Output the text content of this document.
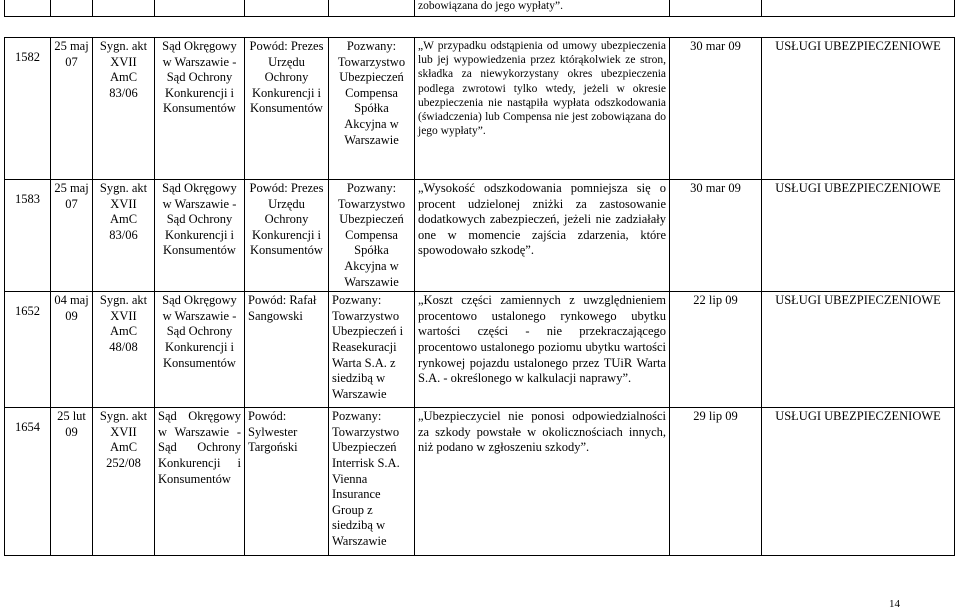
						zobowiązana do jego wypłaty”.		
1582	25 maj 07	Sygn. akt XVII AmC 83/06	Sąd Okręgowy w Warszawie - Sąd Ochrony Konkurencji i Konsumentów	Powód: Prezes Urzędu Ochrony Konkurencji i Konsumentów	Pozwany: Towarzystwo Ubezpieczeń Compensa Spółka Akcyjna w Warszawie	„W przypadku odstąpienia od umowy ubezpieczenia lub jej wypowiedzenia przez którąkolwiek ze stron, składka za niewykorzystany okres ubezpieczenia podlega zwrotowi tylko wtedy, jeżeli w okresie ubezpieczenia nie nastąpiła wypłata odszkodowania (świadczenia) lub Compensa nie jest zobowiązana do jego wypłaty”.	30 mar 09	USŁUGI UBEZPIECZENIOWE
1583	25 maj 07	Sygn. akt XVII AmC 83/06	Sąd Okręgowy w Warszawie - Sąd Ochrony Konkurencji i Konsumentów	Powód: Prezes Urzędu Ochrony Konkurencji i Konsumentów	Pozwany: Towarzystwo Ubezpieczeń Compensa Spółka Akcyjna w Warszawie	„Wysokość odszkodowania pomniejsza się o procent udzielonej zniżki za zastosowanie dodatkowych zabezpieczeń, jeżeli nie zadziałały one w momencie zajścia zdarzenia, które spowodowało szkodę”.	30 mar 09	USŁUGI UBEZPIECZENIOWE
1652	04 maj 09	Sygn. akt XVII AmC 48/08	Sąd Okręgowy w Warszawie - Sąd Ochrony Konkurencji i Konsumentów	Powód: Rafał Sangowski	Pozwany: Towarzystwo Ubezpieczeń i Reasekuracji Warta S.A. z siedzibą w Warszawie	„Koszt części zamiennych z uwzględnieniem procentowo ustalonego rynkowego ubytku wartości części - nie przekraczającego procentowo ustalonego poziomu ubytku wartości rynkowej pojazdu ustalonego przez TUiR Warta S.A. - określonego w kalkulacji naprawy”.	22 lip 09	USŁUGI UBEZPIECZENIOWE
1654	25 lut 09	Sygn. akt XVII AmC 252/08	Sąd Okręgowy w Warszawie - Sąd Ochrony Konkurencji i Konsumentów	Powód: Sylwester Targoński	Pozwany: Towarzystwo Ubezpieczeń Interrisk S.A. Vienna Insurance Group z siedzibą w Warszawie	„Ubezpieczyciel nie ponosi odpowiedzialności za szkody powstałe w okolicznościach innych, niż podano w zgłoszeniu szkody”.	29 lip 09	USŁUGI UBEZPIECZENIOWE
14
